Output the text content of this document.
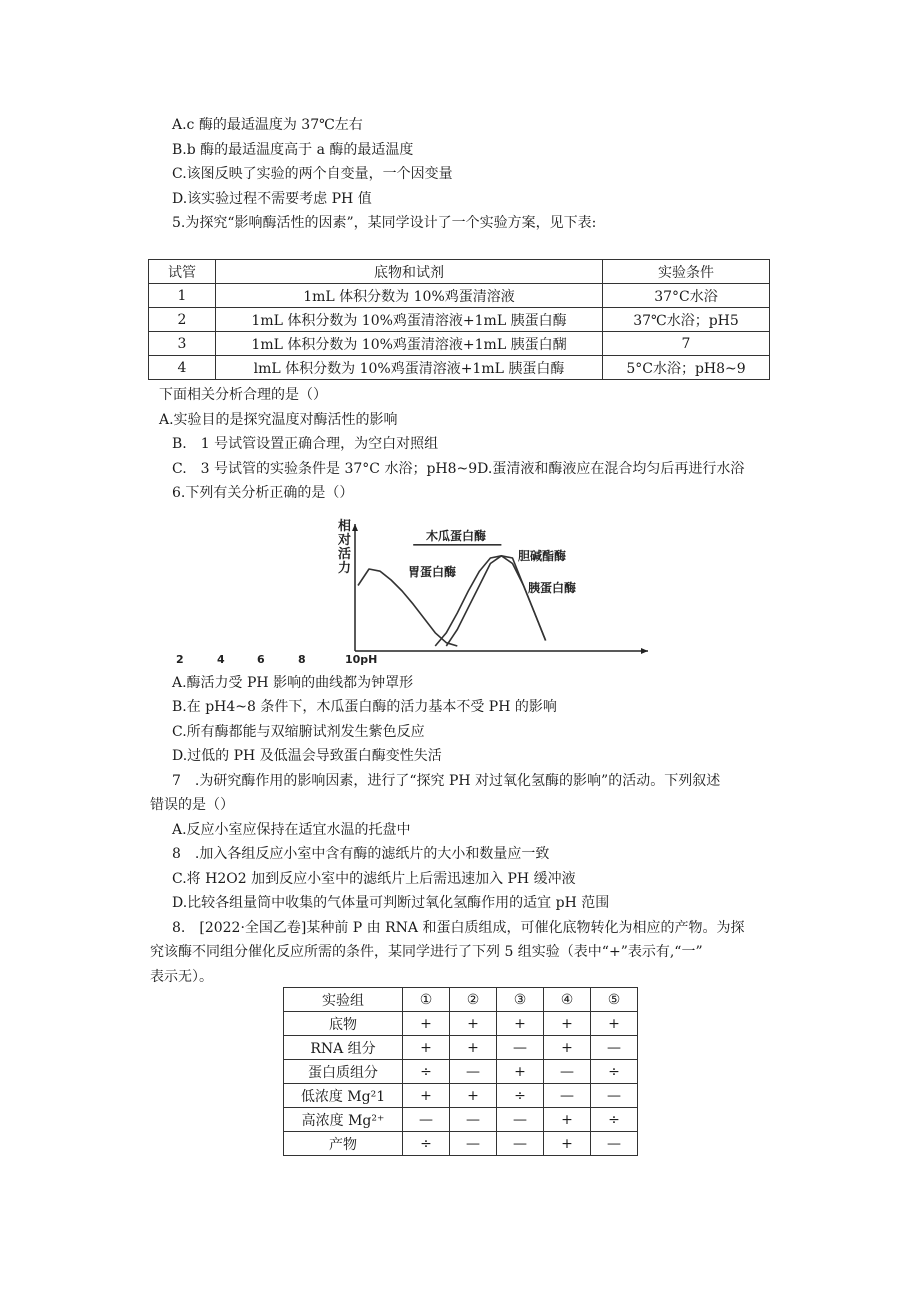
A.c 酶的最适温度为 37℃左右
B.b 酶的最适温度高于 a 酶的最适温度
C.该图反映了实验的两个自变量，一个因变量
D.该实验过程不需要考虑 PH 值
5.为探究“影响酶活性的因素”，某同学设计了一个实验方案，见下表:
试管	底物和试剂	实验条件
1	1mL 体积分数为 10%鸡蛋清溶液	37°C水浴
2	1mL 体积分数为 10%鸡蛋清溶液+1mL 胰蛋白酶	37℃水浴；pH5
3	1mL 体积分数为 10%鸡蛋清溶液+1mL 胰蛋白醐	7
4	lmL 体积分数为 10%鸡蛋清溶液+1mL 胰蛋白酶	5°C水浴；pH8~9
下面相关分析合理的是（）
A.实验目的是探究温度对酶活性的影响
B.　1 号试管设置正确合理，为空白对照组
C.　3 号试管的实验条件是 37°C 水浴；pH8~9D.蛋清液和酶液应在混合均匀后再进行水浴
6.下列有关分析正确的是（）
相
对
活
力	胃蛋白酶
木瓜蛋白酶
胆碱酯酶
胰蛋白酶
2	4	6	8	10pH
A.酶活力受 PH 影响的曲线都为钟罩形
B.在 pH4~8 条件下，木瓜蛋白酶的活力基本不受 PH 的影响
C.所有酶都能与双缩腑试剂发生紫色反应
D.过低的 PH 及低温会导致蛋白酶变性失活
7　.为研究酶作用的影响因素，进行了“探究 PH 对过氧化氢酶的影响”的活动。下列叙述
错误的是（）
A.反应小室应保持在适宜水温的托盘中
8　.加入各组反应小室中含有酶的滤纸片的大小和数量应一致
C.将 H2O2 加到反应小室中的滤纸片上后需迅速加入 PH 缓冲液
D.比较各组量筒中收集的气体量可判断过氧化氢酶作用的适宜 pH 范围
8.　[2022·全国乙卷]某种前 P 由 RNA 和蛋白质组成，可催化底物转化为相应的产物。为探
究该酶不同组分催化反应所需的条件，某同学进行了下列 5 组实验（表中“+”表示有,“一”
表示无）。
实验组	①	②	③	④	⑤
底物	+	+	+	+	+
RNA 组分	+	+	—	+	—
蛋白质组分	÷	—	+	—	÷
低浓度 Mg²1	+	+	÷	—	—
高浓度 Mg²⁺	—	—	—	+	÷
产物	÷	—	—	+	—
